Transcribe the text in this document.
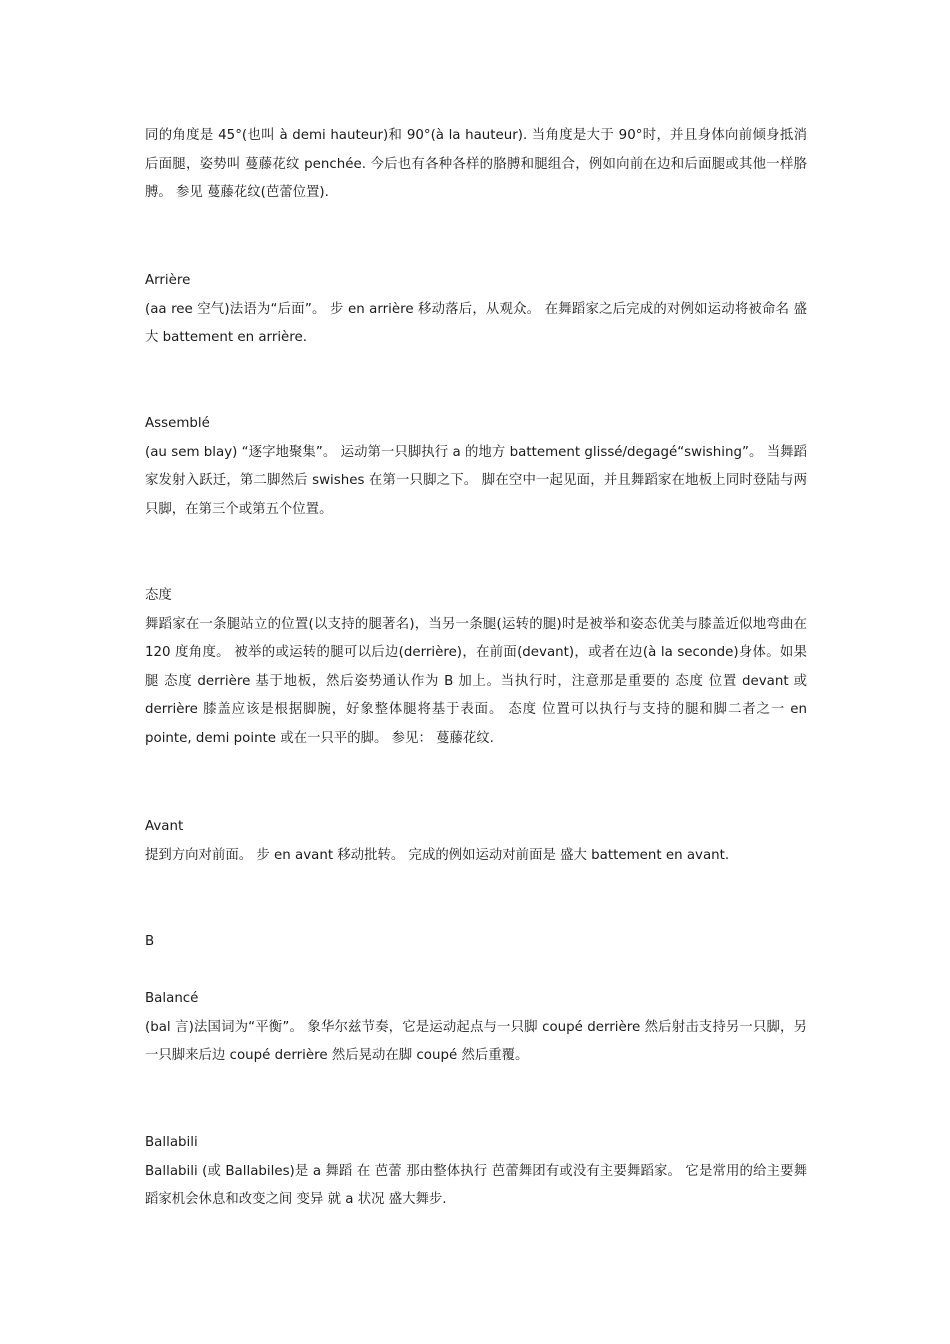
同的角度是 45°(也叫 à demi hauteur)和 90°(à la hauteur). 当角度是大于 90°时，并且身体向前倾身抵消后面腿，姿势叫 蔓藤花纹 penchée. 今后也有各种各样的胳膊和腿组合，例如向前在边和后面腿或其他一样胳膊。 参见 蔓藤花纹(芭蕾位置).

Arrière

(aa ree 空气)法语为“后面”。 步 en arrière 移动落后，从观众。 在舞蹈家之后完成的对例如运动将被命名 盛大 battement en arrière.

Assemblé

(au sem blay) “逐字地聚集”。 运动第一只脚执行 a 的地方 battement glissé/degagé“swishing”。 当舞蹈家发射入跃迁，第二脚然后 swishes 在第一只脚之下。 脚在空中一起见面，并且舞蹈家在地板上同时登陆与两只脚，在第三个或第五个位置。

态度

舞蹈家在一条腿站立的位置(以支持的腿著名)，当另一条腿(运转的腿)时是被举和姿态优美与膝盖近似地弯曲在 120 度角度。 被举的或运转的腿可以后边(derrière)，在前面(devant)，或者在边(à la seconde)身体。如果腿 态度 derrière 基于地板，然后姿势通认作为 B 加上。当执行时，注意那是重要的 态度 位置 devant 或 derrière 膝盖应该是根据脚腕，好象整体腿将基于表面。 态度 位置可以执行与支持的腿和脚二者之一 en pointe, demi pointe 或在一只平的脚。 参见： 蔓藤花纹.

Avant

提到方向对前面。 步 en avant 移动批转。 完成的例如运动对前面是 盛大 battement en avant.

B

Balancé

(bal 言)法国词为“平衡”。 象华尔兹节奏，它是运动起点与一只脚 coupé derrière 然后射击支持另一只脚，另一只脚来后边 coupé derrière 然后晃动在脚 coupé 然后重覆。

Ballabili

Ballabili (或 Ballabiles)是 a 舞蹈 在 芭蕾 那由整体执行 芭蕾舞团有或没有主要舞蹈家。 它是常用的给主要舞蹈家机会休息和改变之间 变异 就 a 状况 盛大舞步.
